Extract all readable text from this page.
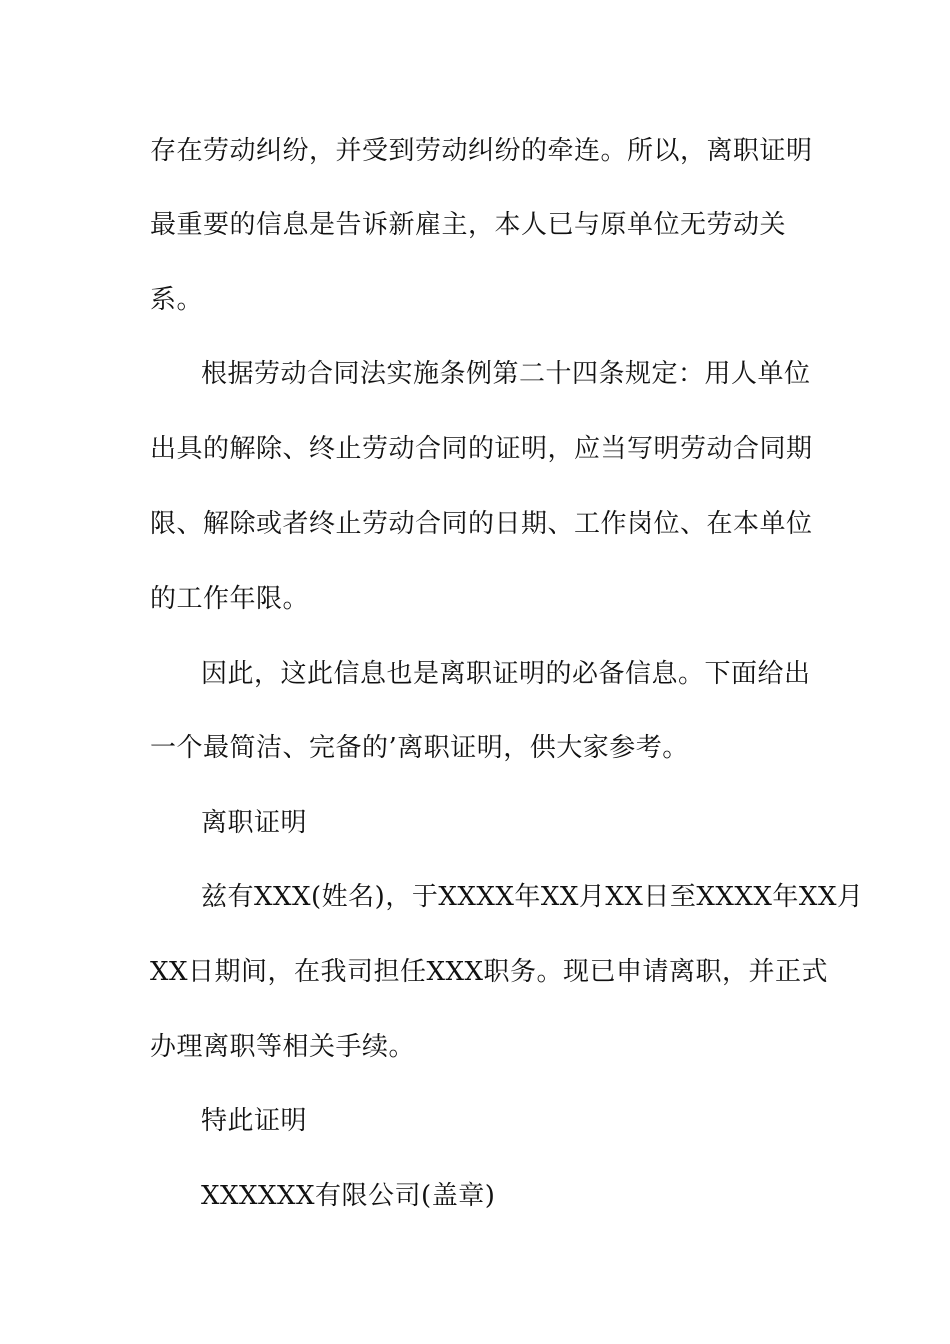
存在劳动纠纷，并受到劳动纠纷的牵连。所以，离职证明
最重要的信息是告诉新雇主，本人已与原单位无劳动关
系。
根据劳动合同法实施条例第二十四条规定：用人单位
出具的解除、终止劳动合同的证明，应当写明劳动合同期
限、解除或者终止劳动合同的日期、工作岗位、在本单位
的工作年限。
因此，这此信息也是离职证明的必备信息。下面给出
一个最简洁、完备的’离职证明，供大家参考。
离职证明
兹有XXX(姓名)，于XXXX年XX月XX日至XXXX年XX月
XX日期间，在我司担任XXX职务。现已申请离职，并正式
办理离职等相关手续。
特此证明
XXXXXX有限公司(盖章)
